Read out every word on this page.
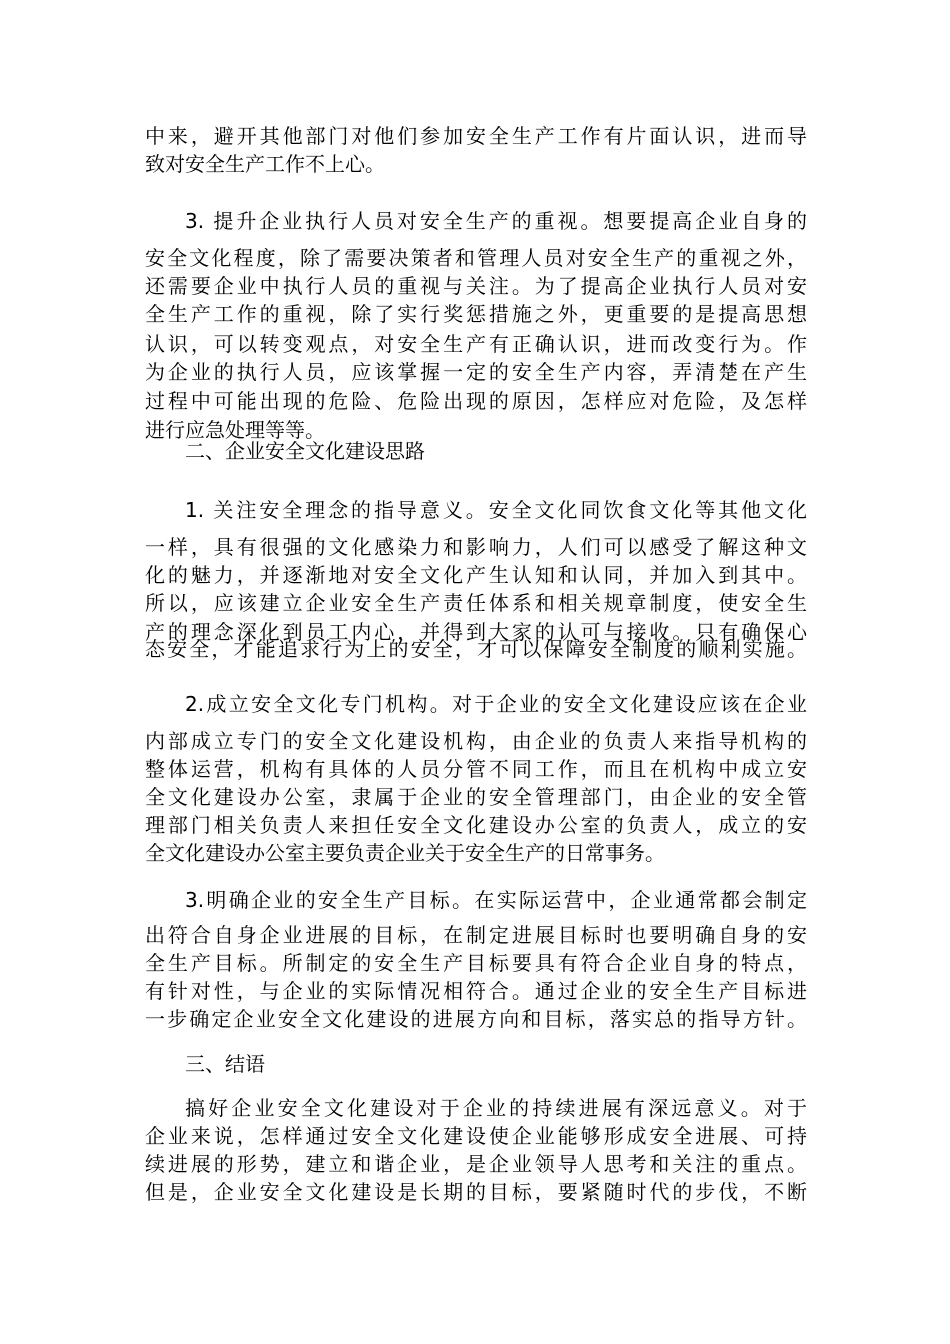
中来，避开其他部门对他们参加安全生产工作有片面认识，进而导
致对安全生产工作不上心。
3. 提升企业执行人员对安全生产的重视。想要提高企业自身的
安全文化程度，除了需要决策者和管理人员对安全生产的重视之外，
还需要企业中执行人员的重视与关注。为了提高企业执行人员对安
全生产工作的重视，除了实行奖惩措施之外，更重要的是提高思想
认识，可以转变观点，对安全生产有正确认识，进而改变行为。作
为企业的执行人员，应该掌握一定的安全生产内容，弄清楚在产生
过程中可能出现的危险、危险出现的原因，怎样应对危险，及怎样
进行应急处理等等。
二、企业安全文化建设思路
1. 关注安全理念的指导意义。安全文化同饮食文化等其他文化
一样，具有很强的文化感染力和影响力，人们可以感受了解这种文
化的魅力，并逐渐地对安全文化产生认知和认同，并加入到其中。
所以，应该建立企业安全生产责任体系和相关规章制度，使安全生
产的理念深化到员工内心，并得到大家的认可与接收。只有确保心
态安全，才能追求行为上的安全，才可以保障安全制度的顺利实施。
2.成立安全文化专门机构。对于企业的安全文化建设应该在企业
内部成立专门的安全文化建设机构，由企业的负责人来指导机构的
整体运营，机构有具体的人员分管不同工作，而且在机构中成立安
全文化建设办公室，隶属于企业的安全管理部门，由企业的安全管
理部门相关负责人来担任安全文化建设办公室的负责人，成立的安
全文化建设办公室主要负责企业关于安全生产的日常事务。
3.明确企业的安全生产目标。在实际运营中，企业通常都会制定
出符合自身企业进展的目标，在制定进展目标时也要明确自身的安
全生产目标。所制定的安全生产目标要具有符合企业自身的特点，
有针对性，与企业的实际情况相符合。通过企业的安全生产目标进
一步确定企业安全文化建设的进展方向和目标，落实总的指导方针。
三、结语
搞好企业安全文化建设对于企业的持续进展有深远意义。对于
企业来说，怎样通过安全文化建设使企业能够形成安全进展、可持
续进展的形势，建立和谐企业，是企业领导人思考和关注的重点。
但是，企业安全文化建设是长期的目标，要紧随时代的步伐，不断
